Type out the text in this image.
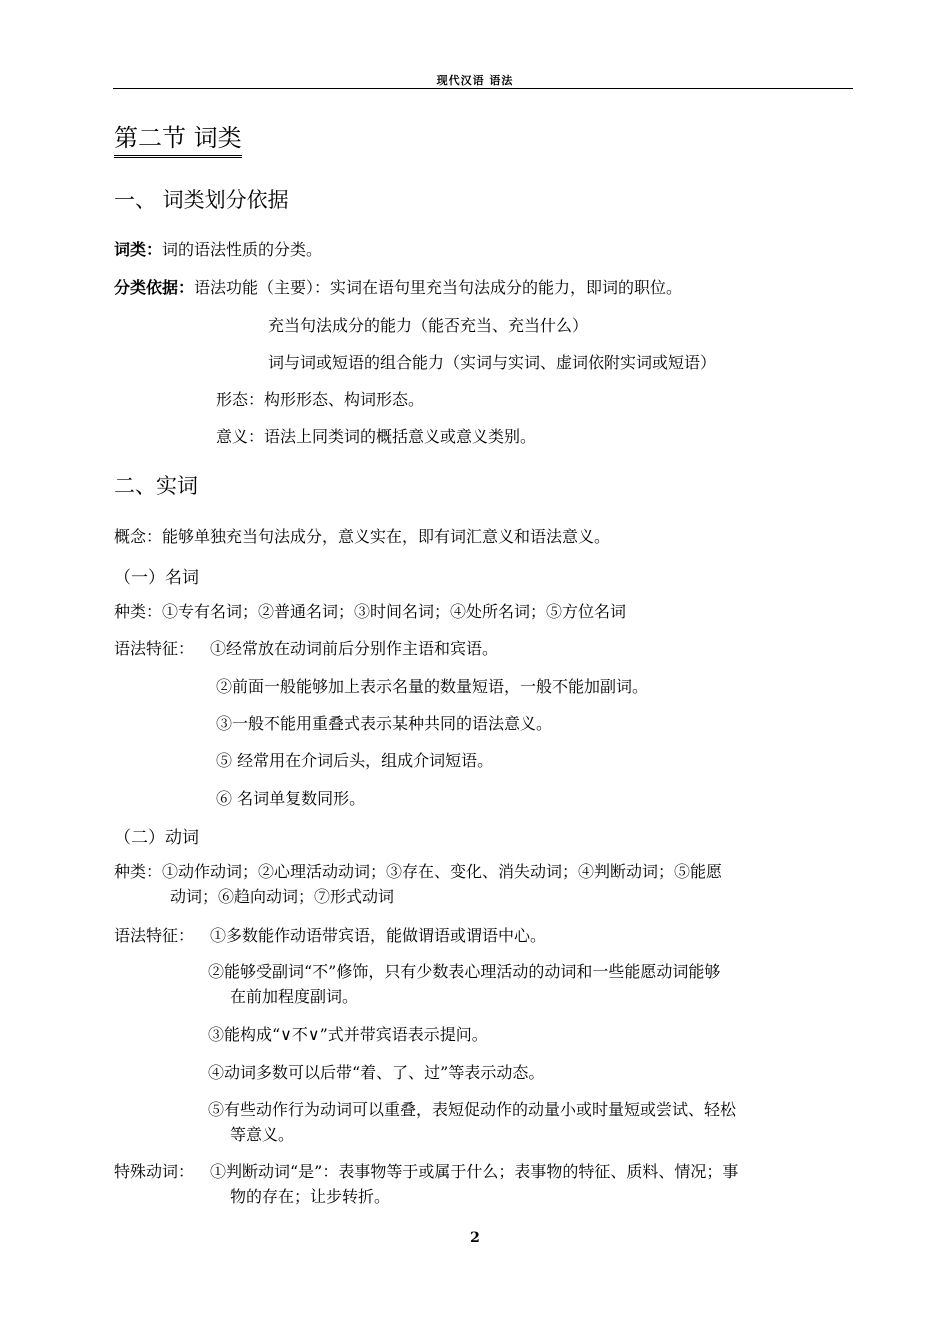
现代汉语 语法
第二节 词类
一、 词类划分依据
词类：词的语法性质的分类。
分类依据：语法功能（主要）：实词在语句里充当句法成分的能力，即词的职位。
充当句法成分的能力（能否充当、充当什么）
词与词或短语的组合能力（实词与实词、虚词依附实词或短语）
形态：构形形态、构词形态。
意义：语法上同类词的概括意义或意义类别。
二、实词
概念：能够单独充当句法成分，意义实在，即有词汇意义和语法意义。
（一）名词
种类：①专有名词；②普通名词；③时间名词；④处所名词；⑤方位名词
语法特征： ①经常放在动词前后分别作主语和宾语。
②前面一般能够加上表示名量的数量短语，一般不能加副词。
③一般不能用重叠式表示某种共同的语法意义。
⑤ 经常用在介词后头，组成介词短语。
⑥ 名词单复数同形。
（二）动词
种类：①动作动词；②心理活动动词；③存在、变化、消失动词；④判断动词；⑤能愿
动词；⑥趋向动词；⑦形式动词
语法特征： ①多数能作动语带宾语，能做谓语或谓语中心。
②能够受副词“不”修饰，只有少数表心理活动的动词和一些能愿动词能够
在前加程度副词。
③能构成“∨不∨”式并带宾语表示提问。
④动词多数可以后带“着、了、过”等表示动态。
⑤有些动作行为动词可以重叠，表短促动作的动量小或时量短或尝试、轻松
等意义。
特殊动词： ①判断动词“是”：表事物等于或属于什么；表事物的特征、质料、情况；事
物的存在；让步转折。
2
